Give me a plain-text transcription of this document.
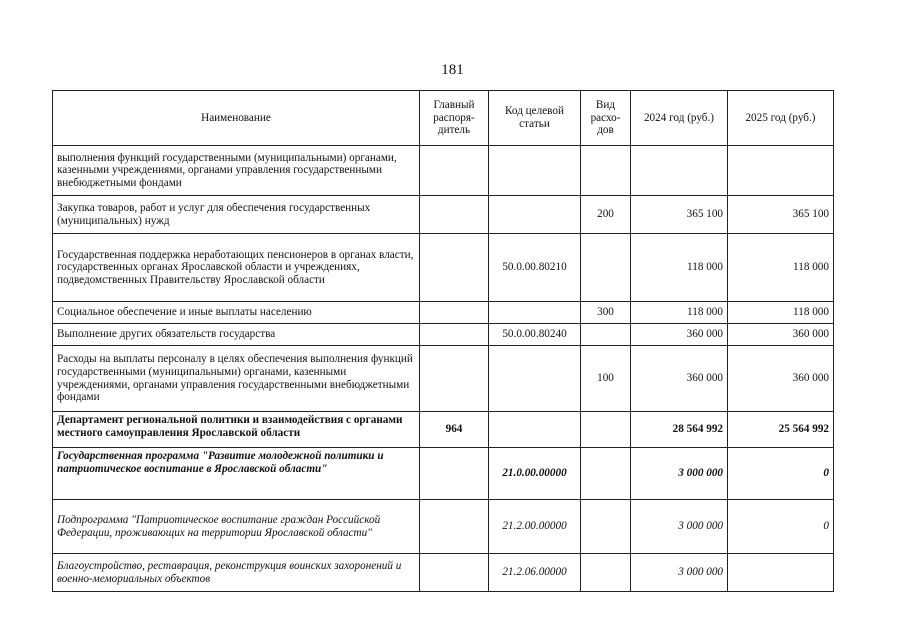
181
Наименование	Главный распоря-дитель	Код целевой статьи	Вид расхо-дов	2024 год (руб.)	2025 год (руб.)
выполнения функций государственными (муниципальными) органами, казенными учреждениями, органами управления государственными внебюджетными фондами					
Закупка товаров, работ и услуг для обеспечения государственных (муниципальных) нужд			200	365 100	365 100
Государственная поддержка неработающих пенсионеров в органах власти, государственных органах Ярославской области и учреждениях, подведомственных Правительству Ярославской области		50.0.00.80210		118 000	118 000
Социальное обеспечение и иные выплаты населению			300	118 000	118 000
Выполнение других обязательств государства		50.0.00.80240		360 000	360 000
Расходы на выплаты персоналу в целях обеспечения выполнения функций государственными (муниципальными) органами, казенными учреждениями, органами управления государственными внебюджетными фондами			100	360 000	360 000
Департамент региональной политики и взаимодействия с органами местного самоуправления Ярославской области	964			28 564 992	25 564 992
Государственная программа "Развитие молодежной политики и патриотическое воспитание в Ярославской области"		21.0.00.00000		3 000 000	0
Подпрограмма "Патриотическое воспитание граждан Российской Федерации, проживающих на территории Ярославской области"		21.2.00.00000		3 000 000	0
Благоустройство, реставрация, реконструкция воинских захоронений и военно-мемориальных объектов		21.2.06.00000		3 000 000	
